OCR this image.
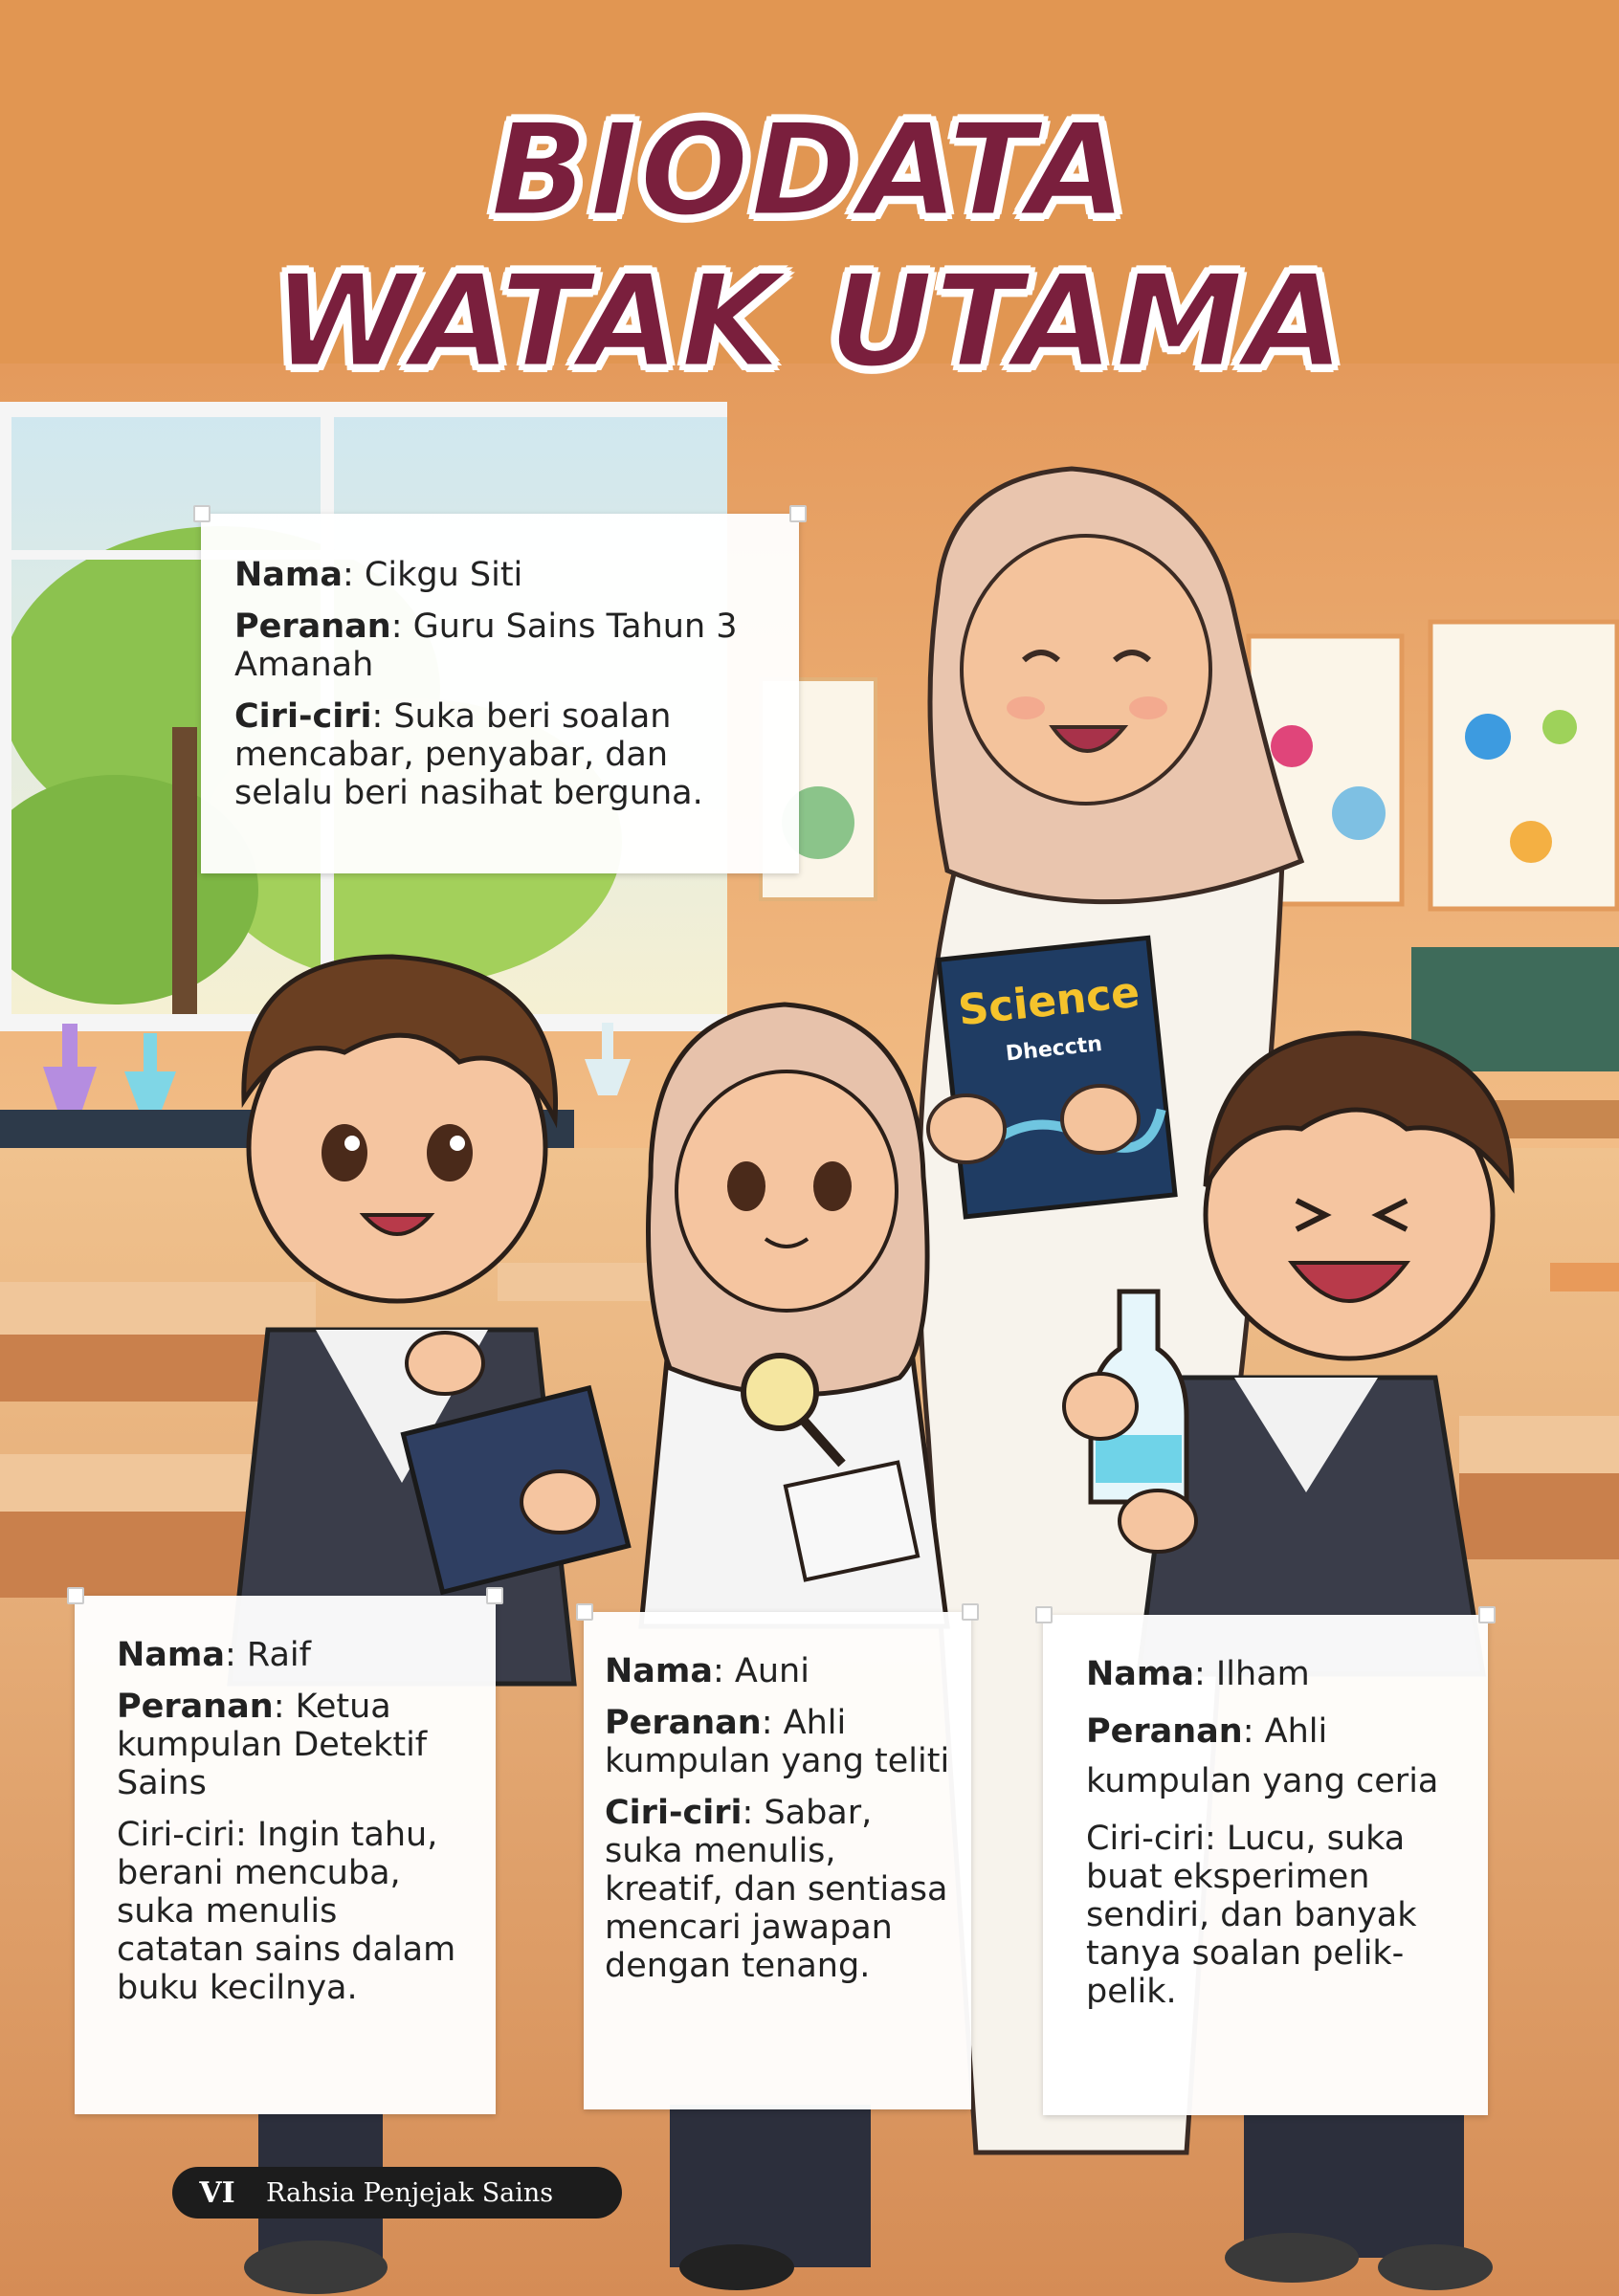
Science
Dhecctn
BIODATA
WATAK UTAMA

Nama: Cikgu Siti

Peranan: Guru Sains Tahun 3
Amanah

Ciri-ciri: Suka beri soalan mencabar, penyabar, dan selalu beri nasihat berguna.

Nama: Raif

Peranan: Ketua kumpulan Detektif Sains

Ciri-ciri: Ingin tahu, berani mencuba, suka menulis catatan sains dalam buku kecilnya.

Nama: Auni

Peranan: Ahli kumpulan yang teliti

Ciri-ciri: Sabar, suka menulis, kreatif, dan sentiasa mencari jawapan dengan tenang.

Nama: Ilham

Peranan: Ahli kumpulan yang ceria

Ciri-ciri: Lucu, suka buat eksperimen sendiri, dan banyak tanya soalan pelik-pelik.

VI Rahsia Penjejak Sains
